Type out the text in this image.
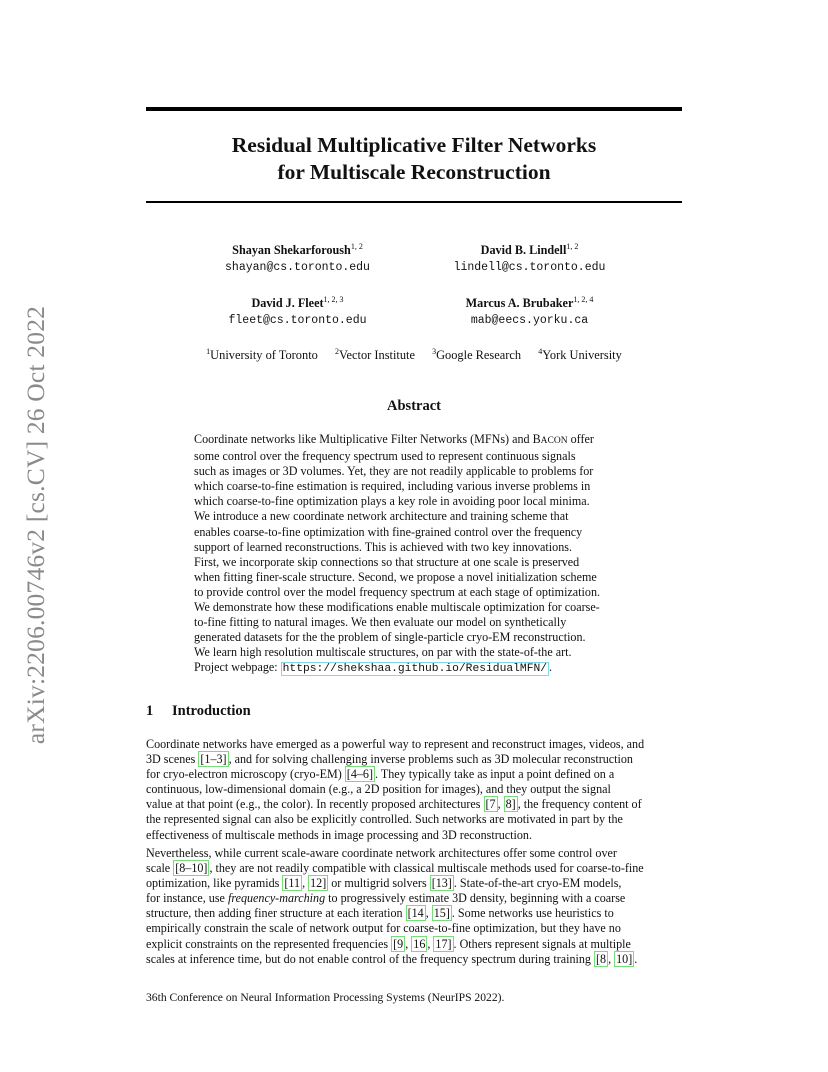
arXiv:2206.00746v2 [cs.CV] 26 Oct 2022
Residual Multiplicative Filter Networks
for Multiscale Reconstruction
Shayan Shekarforoush$^{1, 2}$
shayan@cs.toronto.edu
David B. Lindell$^{1, 2}$
lindell@cs.toronto.edu
David J. Fleet$^{1, 2, 3}$
fleet@cs.toronto.edu
Marcus A. Brubaker$^{1, 2, 4}$
mab@eecs.yorku.ca
$^1$University of Toronto $^2$Vector Institute $^3$Google Research $^4$York University
Abstract
Coordinate networks like Multiplicative Filter Networks (MFNs) and BACON offer
some control over the frequency spectrum used to represent continuous signals
such as images or 3D volumes. Yet, they are not readily applicable to problems for
which coarse-to-fine estimation is required, including various inverse problems in
which coarse-to-fine optimization plays a key role in avoiding poor local minima.
We introduce a new coordinate network architecture and training scheme that
enables coarse-to-fine optimization with fine-grained control over the frequency
support of learned reconstructions. This is achieved with two key innovations.
First, we incorporate skip connections so that structure at one scale is preserved
when fitting finer-scale structure. Second, we propose a novel initialization scheme
to provide control over the model frequency spectrum at each stage of optimization.
We demonstrate how these modifications enable multiscale optimization for coarse-
to-fine fitting to natural images. We then evaluate our model on synthetically
generated datasets for the the problem of single-particle cryo-EM reconstruction.
We learn high resolution multiscale structures, on par with the state-of-the art.
Project webpage: https://shekshaa.github.io/ResidualMFN/ .
1 Introduction
Coordinate networks have emerged as a powerful way to represent and reconstruct images, videos, and
3D scenes [1–3] , and for solving challenging inverse problems such as 3D molecular reconstruction
for cryo-electron microscopy (cryo-EM) [4–6] . They typically take as input a point defined on a
continuous, low-dimensional domain (e.g., a 2D position for images), and they output the signal
value at that point (e.g., the color). In recently proposed architectures [7 , 8] , the frequency content of
the represented signal can also be explicitly controlled. Such networks are motivated in part by the
effectiveness of multiscale methods in image processing and 3D reconstruction.
Nevertheless, while current scale-aware coordinate network architectures offer some control over
scale [8–10] , they are not readily compatible with classical multiscale methods used for coarse-to-fine
optimization, like pyramids [11 , 12] or multigrid solvers [13] . State-of-the-art cryo-EM models,
for instance, use frequency-marching to progressively estimate 3D density, beginning with a coarse
structure, then adding finer structure at each iteration [14 , 15] . Some networks use heuristics to
empirically constrain the scale of network output for coarse-to-fine optimization, but they have no
explicit constraints on the represented frequencies [9 , 16 , 17] . Others represent signals at multiple
scales at inference time, but do not enable control of the frequency spectrum during training [8 , 10] .
36th Conference on Neural Information Processing Systems (NeurIPS 2022).
